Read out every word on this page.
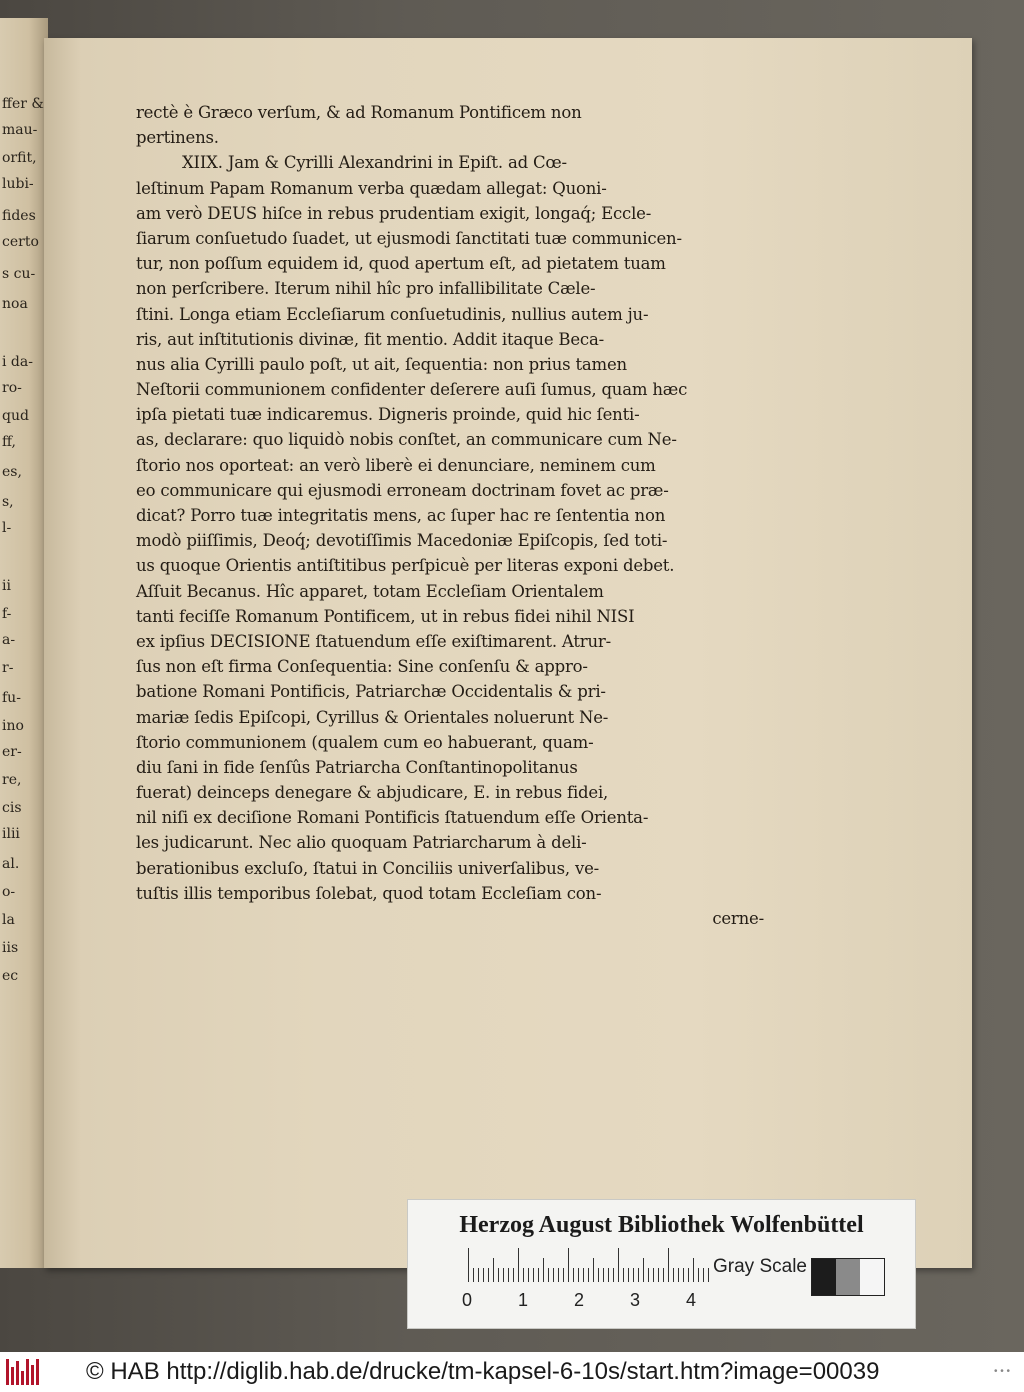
ffer &
mau-
orfit,
lubi-
fides
certo
s cu-
noa
i da-
ro-
qud
ff,
es,
s,
l-
ii
f-
a-
r-
fu-
ino
er-
re,
cis
ilii
al.
o-
la
iis
ec
rectè è Græco verſum, & ad Romanum Pontificem non
pertinens.
XIIX. Jam & Cyrilli Alexandrini in Epiſt. ad Cœ-
leſtinum Papam Romanum verba quædam allegat: Quoni-
am verò DEUS hiſce in rebus prudentiam exigit, longaq́; Eccle-
ſiarum conſuetudo ſuadet, ut ejusmodi ſanctitati tuæ communicen-
tur, non poſſum equidem id, quod apertum eſt, ad pietatem tuam
non perſcribere. Iterum nihil hîc pro infallibilitate Cæle-
ſtini. Longa etiam Eccleſiarum conſuetudinis, nullius autem ju-
ris, aut inſtitutionis divinæ, fit mentio. Addit itaque Beca-
nus alia Cyrilli paulo poſt, ut ait, ſequentia: non prius tamen
Neſtorii communionem confidenter deſerere auſi ſumus, quam hæc
ipſa pietati tuæ indicaremus. Digneris proinde, quid hic ſenti-
as, declarare: quo liquidò nobis conſtet, an communicare cum Ne-
ſtorio nos oporteat: an verò liberè ei denunciare, neminem cum
eo communicare qui ejusmodi erroneam doctrinam fovet ac præ-
dicat? Porro tuæ integritatis mens, ac ſuper hac re ſententia non
modò piiſſimis, Deoq́; devotiſſimis Macedoniæ Epiſcopis, ſed toti-
us quoque Orientis antiſtitibus perſpicuè per literas exponi debet.
Aſſuit Becanus. Hîc apparet, totam Eccleſiam Orientalem
tanti feciſſe Romanum Pontificem, ut in rebus fidei nihil NISI
ex ipſius DECISIONE ſtatuendum eſſe exiſtimarent. Atrur-
ſus non eſt firma Conſequentia: Sine conſenſu & appro-
batione Romani Pontificis, Patriarchæ Occidentalis & pri-
mariæ ſedis Epiſcopi, Cyrillus & Orientales noluerunt Ne-
ſtorio communionem (qualem cum eo habuerant, quam-
diu ſani in fide ſenſûs Patriarcha Conſtantinopolitanus
fuerat) deinceps denegare & abjudicare, E. in rebus fidei,
nil niſi ex deciſione Romani Pontificis ſtatuendum eſſe Orienta-
les judicarunt. Nec alio quoquam Patriarcharum à deli-
berationibus excluſo, ſtatui in Conciliis univerſalibus, ve-
tuſtis illis temporibus ſolebat, quod totam Eccleſiam con-
cerne-
Herzog August Bibliothek Wolfenbüttel
Gray Scale
0	1	2	3	4
© HAB http://diglib.hab.de/drucke/tm-kapsel-6-10s/start.htm?image=00039	• • •
